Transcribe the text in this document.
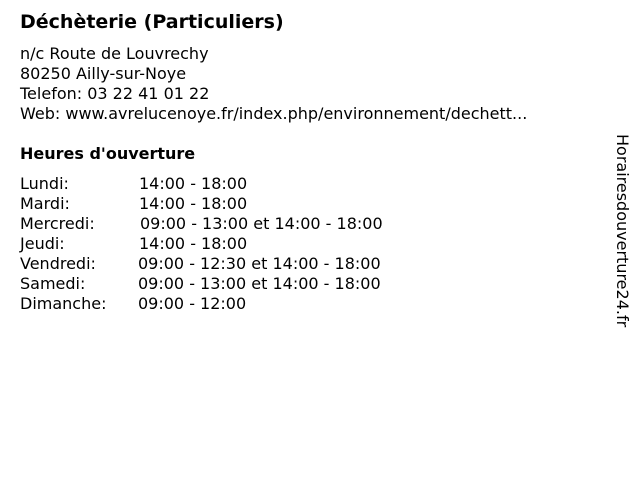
Déchèterie (Particuliers)
n/c Route de Louvrechy
80250 Ailly-sur-Noye
Telefon: 03 22 41 01 22
Web: www.avrelucenoye.fr/index.php/environnement/dechett...
Heures d'ouverture
Lundi:	14:00 - 18:00
Mardi:	14:00 - 18:00
Mercredi:	09:00 - 13:00 et 14:00 - 18:00
Jeudi:	14:00 - 18:00
Vendredi:	09:00 - 12:30 et 14:00 - 18:00
Samedi:	09:00 - 13:00 et 14:00 - 18:00
Dimanche: 09:00 - 12:00	Horairesdouverture24.fr
